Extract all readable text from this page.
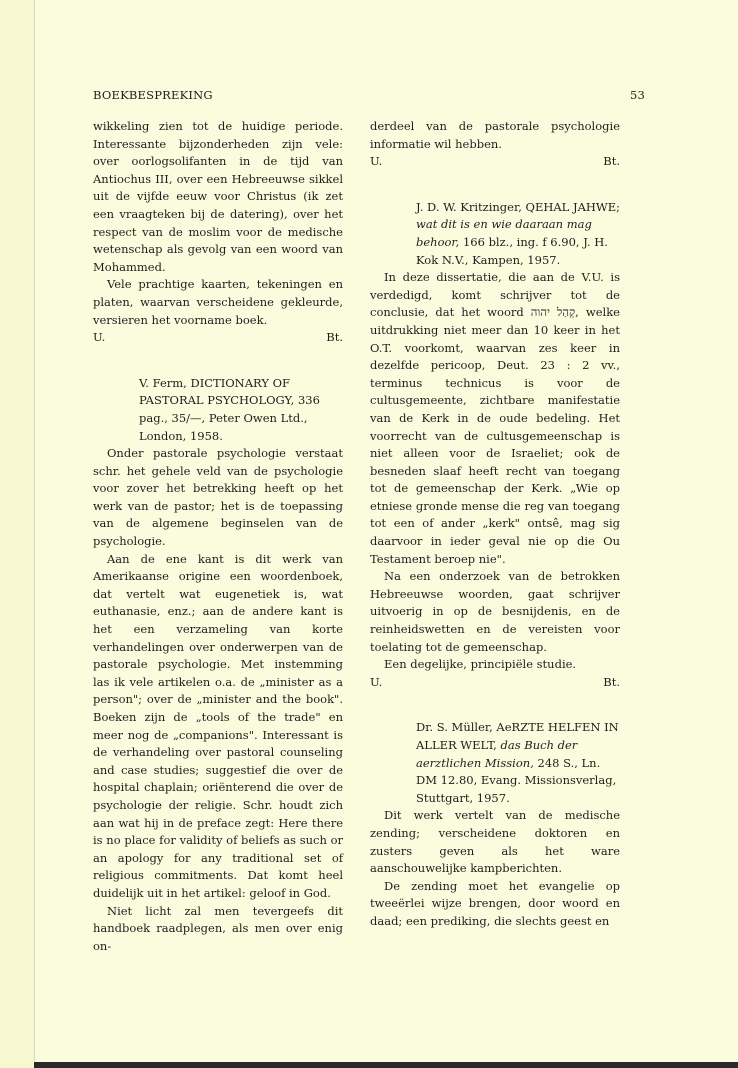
BOEKBESPREKING	53

wikkeling zien tot de huidige periode. Interessante bijzonderheden zijn vele: over oorlogsolifanten in de tijd van Antiochus III, over een Hebreeuwse sikkel uit de vijfde eeuw voor Christus (ik zet een vraagteken bij de datering), over het respect van de moslim voor de medische wetenschap als gevolg van een woord van Mohammed.

Vele prachtige kaarten, tekeningen en platen, waarvan verscheidene gekleurde, versieren het voorname boek.

U.	Bt.

V. Ferm, DICTIONARY OF PASTORAL PSYCHOLOGY, 336 pag., 35/—, Peter Owen Ltd., London, 1958.

Onder pastorale psychologie verstaat schr. het gehele veld van de psychologie voor zover het betrekking heeft op het werk van de pastor; het is de toepassing van de algemene beginselen van de psychologie.

Aan de ene kant is dit werk van Amerikaanse origine een woordenboek, dat vertelt wat eugenetiek is, wat euthanasie, enz.; aan de andere kant is het een verzameling van korte verhandelingen over onderwerpen van de pastorale psychologie. Met instemming las ik vele artikelen o.a. de „minister as a person"; over de „minister and the book". Boeken zijn de „tools of the trade" en meer nog de „companions". Interessant is de verhandeling over pastoral counseling and case studies; suggestief die over de hospital chaplain; oriënterend die over de psychologie der religie. Schr. houdt zich aan wat hij in de preface zegt: Here there is no place for validity of beliefs as such or an apology for any traditional set of religious commitments. Dat komt heel duidelijk uit in het artikel: geloof in God.

Niet licht zal men tevergeefs dit handboek raadplegen, als men over enig on-

derdeel van de pastorale psychologie informatie wil hebben.

U.	Bt.

J. D. W. Kritzinger, QEHAL JAHWE; wat dit is en wie daaraan mag behoor, 166 blz., ing. f 6.90, J. H. Kok N.V., Kampen, 1957.

In deze dissertatie, die aan de V.U. is verdedigd, komt schrijver tot de conclusie, dat het woord קְהַל יהוה, welke uitdrukking niet meer dan 10 keer in het O.T. voorkomt, waarvan zes keer in dezelfde pericoop, Deut. 23 : 2 vv., terminus technicus is voor de cultusgemeente, zichtbare manifestatie van de Kerk in de oude bedeling. Het voorrecht van de cultusgemeenschap is niet alleen voor de Israeliet; ook de besneden slaaf heeft recht van toegang tot de gemeenschap der Kerk. „Wie op etniese gronde mense die reg van toegang tot een of ander „kerk" ontsê, mag sig daarvoor in ieder geval nie op die Ou Testament beroep nie".

Na een onderzoek van de betrokken Hebreeuwse woorden, gaat schrijver uitvoerig in op de besnijdenis, en de reinheidswetten en de vereisten voor toelating tot de gemeenschap.

Een degelijke, principiële studie.

U.	Bt.

Dr. S. Müller, AeRZTE HELFEN IN ALLER WELT, das Buch der aerztlichen Mission, 248 S., Ln. DM 12.80, Evang. Missionsverlag, Stuttgart, 1957.

Dit werk vertelt van de medische zending; verscheidene doktoren en zusters geven als het ware aanschouwelijke kampberichten.

De zending moet het evangelie op tweeërlei wijze brengen, door woord en daad; een prediking, die slechts geest en
